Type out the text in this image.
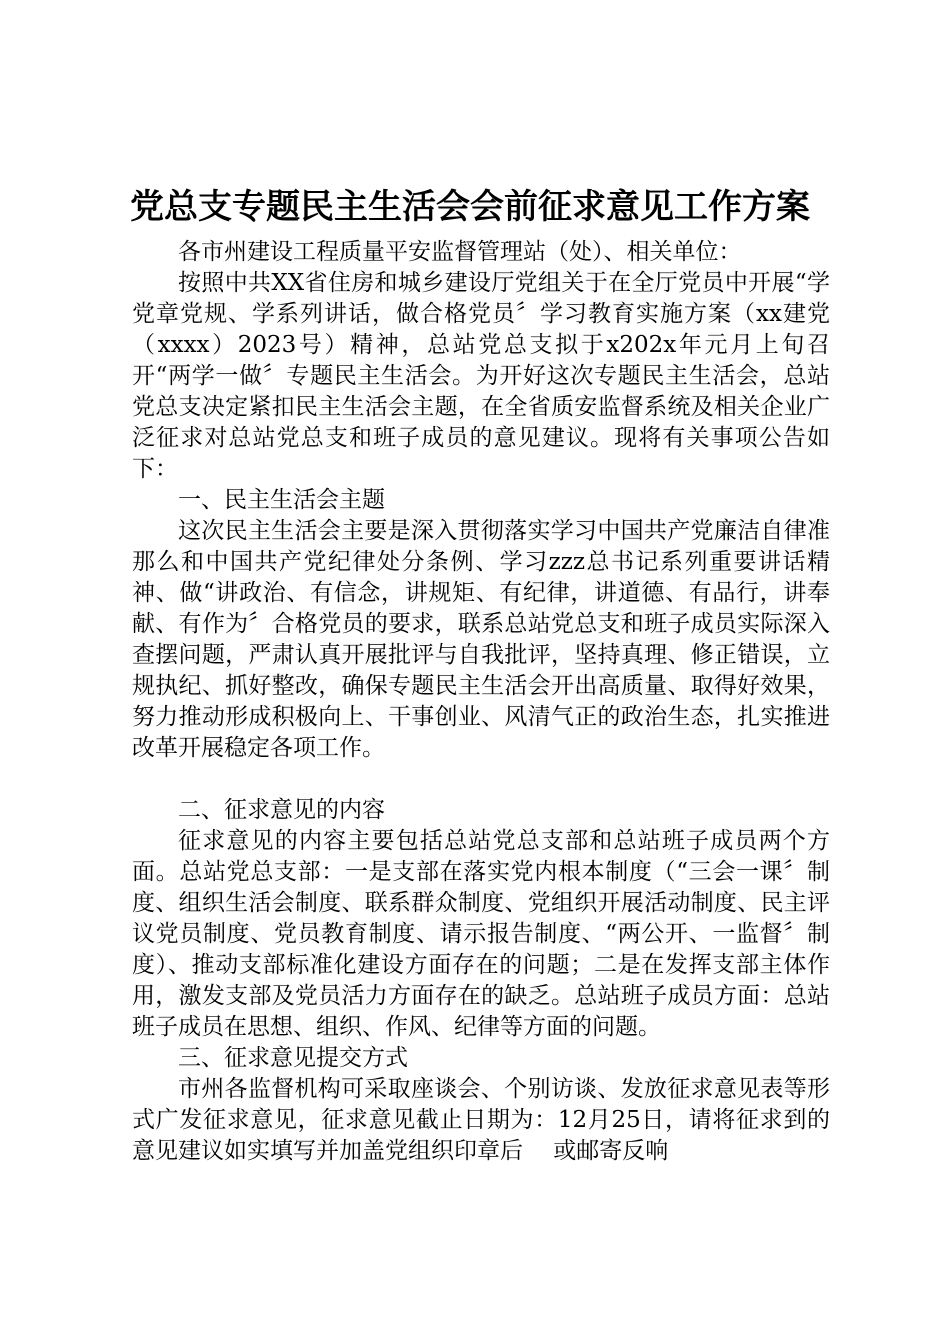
党总支专题民主生活会会前征求意见工作方案

各市州建设工程质量平安监督管理站（处）、相关单位：

按照中共XX省住房和城乡建设厅党组关于在全厅党员中开展“学党章党规、学系列讲话，做合格党员〞学习教育实施方案（xx建党（xxxx）2023号）精神，总站党总支拟于x202x年元月上旬召开“两学一做〞专题民主生活会。为开好这次专题民主生活会，总站党总支决定紧扣民主生活会主题，在全省质安监督系统及相关企业广泛征求对总站党总支和班子成员的意见建议。现将有关事项公告如下：

一、民主生活会主题

这次民主生活会主要是深入贯彻落实学习中国共产党廉洁自律准那么和中国共产党纪律处分条例、学习zzz总书记系列重要讲话精神、做“讲政治、有信念，讲规矩、有纪律，讲道德、有品行，讲奉献、有作为〞合格党员的要求，联系总站党总支和班子成员实际深入查摆问题，严肃认真开展批评与自我批评，坚持真理、修正错误，立规执纪、抓好整改，确保专题民主生活会开出高质量、取得好效果，努力推动形成积极向上、干事创业、风清气正的政治生态，扎实推进改革开展稳定各项工作。

二、征求意见的内容

征求意见的内容主要包括总站党总支部和总站班子成员两个方面。总站党总支部：一是支部在落实党内根本制度（“三会一课〞制度、组织生活会制度、联系群众制度、党组织开展活动制度、民主评议党员制度、党员教育制度、请示报告制度、“两公开、一监督〞制度）、推动支部标准化建设方面存在的问题；二是在发挥支部主体作用，激发支部及党员活力方面存在的缺乏。总站班子成员方面：总站班子成员在思想、组织、作风、纪律等方面的问题。

三、征求意见提交方式

市州各监督机构可采取座谈会、个别访谈、发放征求意见表等形式广发征求意见，征求意见截止日期为：12月25日，请将征求到的意见建议如实填写并加盖党组织印章后　 或邮寄反响
